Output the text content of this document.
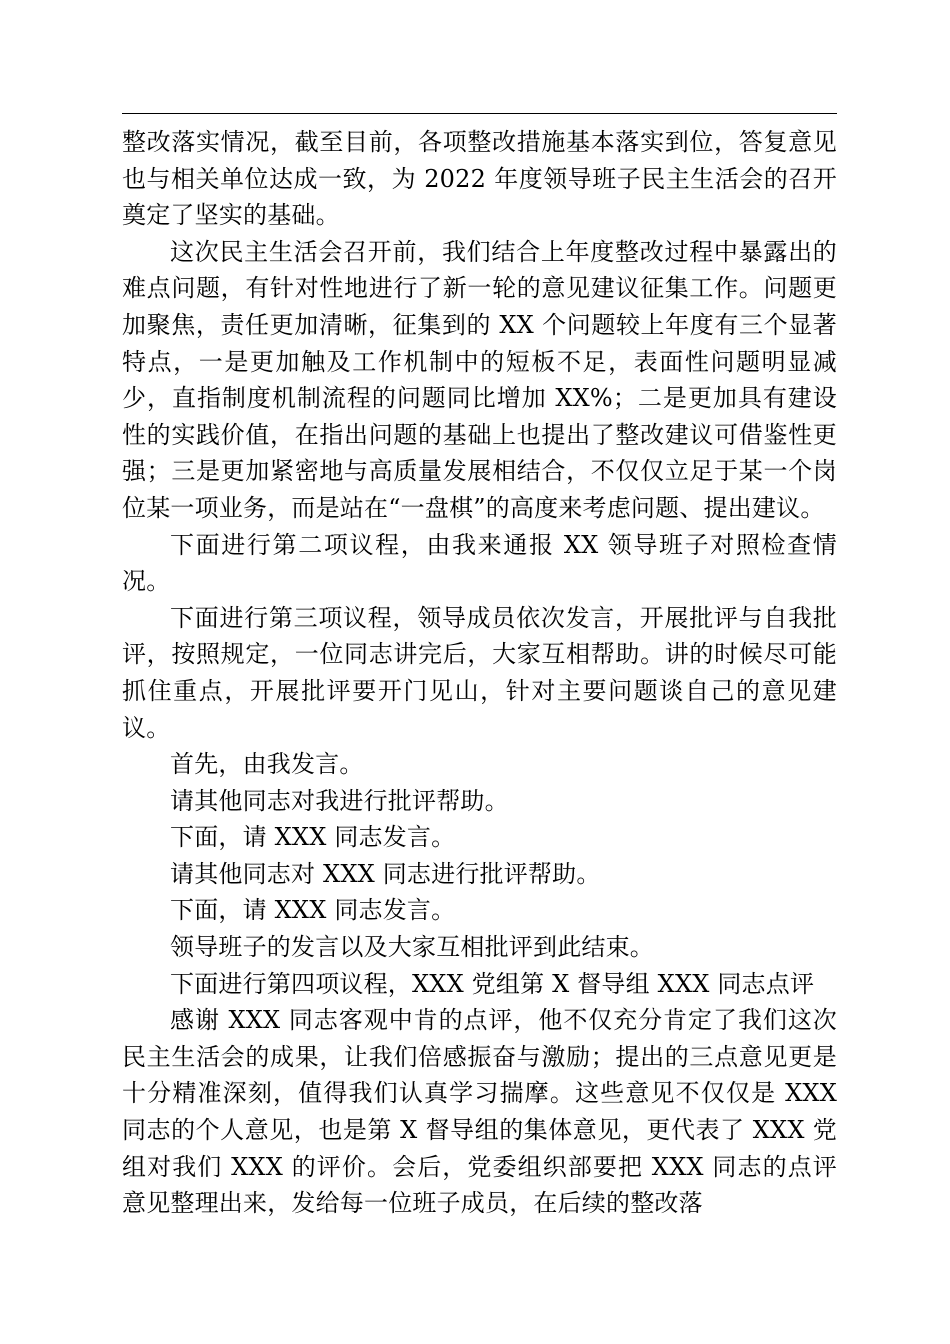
整改落实情况，截至目前，各项整改措施基本落实到位，答复意见也与相关单位达成一致，为 2022 年度领导班子民主生活会的召开奠定了坚实的基础。

这次民主生活会召开前，我们结合上年度整改过程中暴露出的难点问题，有针对性地进行了新一轮的意见建议征集工作。问题更加聚焦，责任更加清晰，征集到的 XX 个问题较上年度有三个显著特点，一是更加触及工作机制中的短板不足，表面性问题明显减少，直指制度机制流程的问题同比增加 XX%；二是更加具有建设性的实践价值，在指出问题的基础上也提出了整改建议可借鉴性更强；三是更加紧密地与高质量发展相结合，不仅仅立足于某一个岗位某一项业务，而是站在“一盘棋”的高度来考虑问题、提出建议。

下面进行第二项议程，由我来通报 XX 领导班子对照检查情况。

下面进行第三项议程，领导成员依次发言，开展批评与自我批评，按照规定，一位同志讲完后，大家互相帮助。讲的时候尽可能抓住重点，开展批评要开门见山，针对主要问题谈自己的意见建议。

首先，由我发言。

请其他同志对我进行批评帮助。

下面，请 XXX 同志发言。

请其他同志对 XXX 同志进行批评帮助。

下面，请 XXX 同志发言。

领导班子的发言以及大家互相批评到此结束。

下面进行第四项议程，XXX 党组第 X 督导组 XXX 同志点评

感谢 XXX 同志客观中肯的点评，他不仅充分肯定了我们这次民主生活会的成果，让我们倍感振奋与激励；提出的三点意见更是十分精准深刻，值得我们认真学习揣摩。这些意见不仅仅是 XXX 同志的个人意见，也是第 X 督导组的集体意见，更代表了 XXX 党组对我们 XXX 的评价。会后，党委组织部要把 XXX 同志的点评意见整理出来，发给每一位班子成员，在后续的整改落
